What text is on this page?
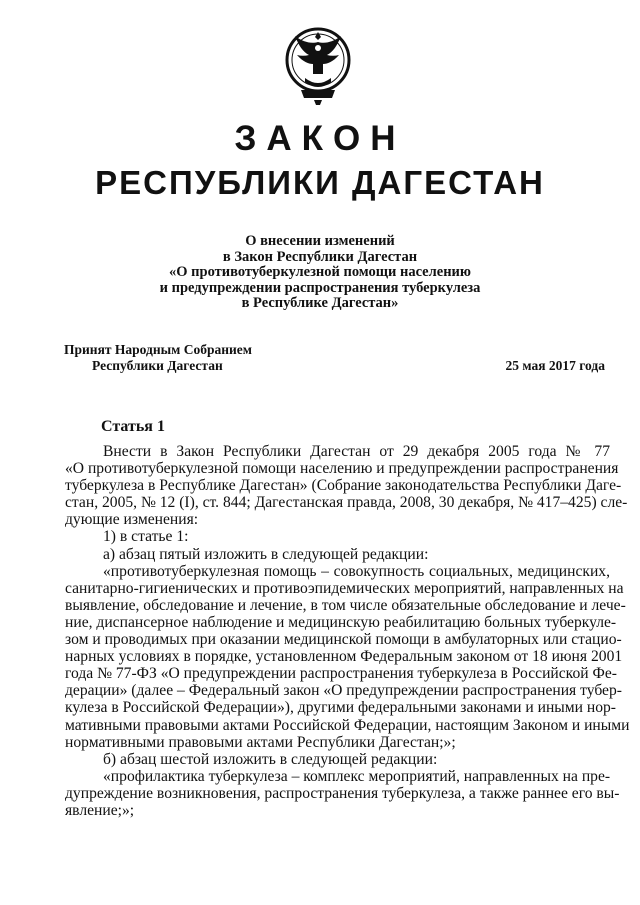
ЗАКОН
РЕСПУБЛИКИ ДАГЕСТАН
О внесении изменений
в Закон Республики Дагестан
«О противотуберкулезной помощи населению
и предупреждении распространения туберкулеза
в Республике Дагестан»
Принят Народным Собранием
Республики Дагестан	25 мая 2017 года
Статья 1
Внести в Закон Республики Дагестан от 29 декабря 2005 года № 77
«О противотуберкулезной помощи населению и предупреждении распространения
туберкулеза в Республике Дагестан» (Собрание законодательства Республики Даге-
стан, 2005, № 12 (I), ст. 844; Дагестанская правда, 2008, 30 декабря, № 417–425) сле-
дующие изменения:
1) в статье 1:
а) абзац пятый изложить в следующей редакции:
«противотуберкулезная помощь – совокупность социальных, медицинских,
санитарно-гигиенических и противоэпидемических мероприятий, направленных на
выявление, обследование и лечение, в том числе обязательные обследование и лече-
ние, диспансерное наблюдение и медицинскую реабилитацию больных туберкуле-
зом и проводимых при оказании медицинской помощи в амбулаторных или стацио-
нарных условиях в порядке, установленном Федеральным законом от 18 июня 2001
года № 77-ФЗ «О предупреждении распространения туберкулеза в Российской Фе-
дерации» (далее – Федеральный закон «О предупреждении распространения тубер-
кулеза в Российской Федерации»), другими федеральными законами и иными нор-
мативными правовыми актами Российской Федерации, настоящим Законом и иными
нормативными правовыми актами Республики Дагестан;»;
б) абзац шестой изложить в следующей редакции:
«профилактика туберкулеза – комплекс мероприятий, направленных на пре-
дупреждение возникновения, распространения туберкулеза, а также раннее его вы-
явление;»;
